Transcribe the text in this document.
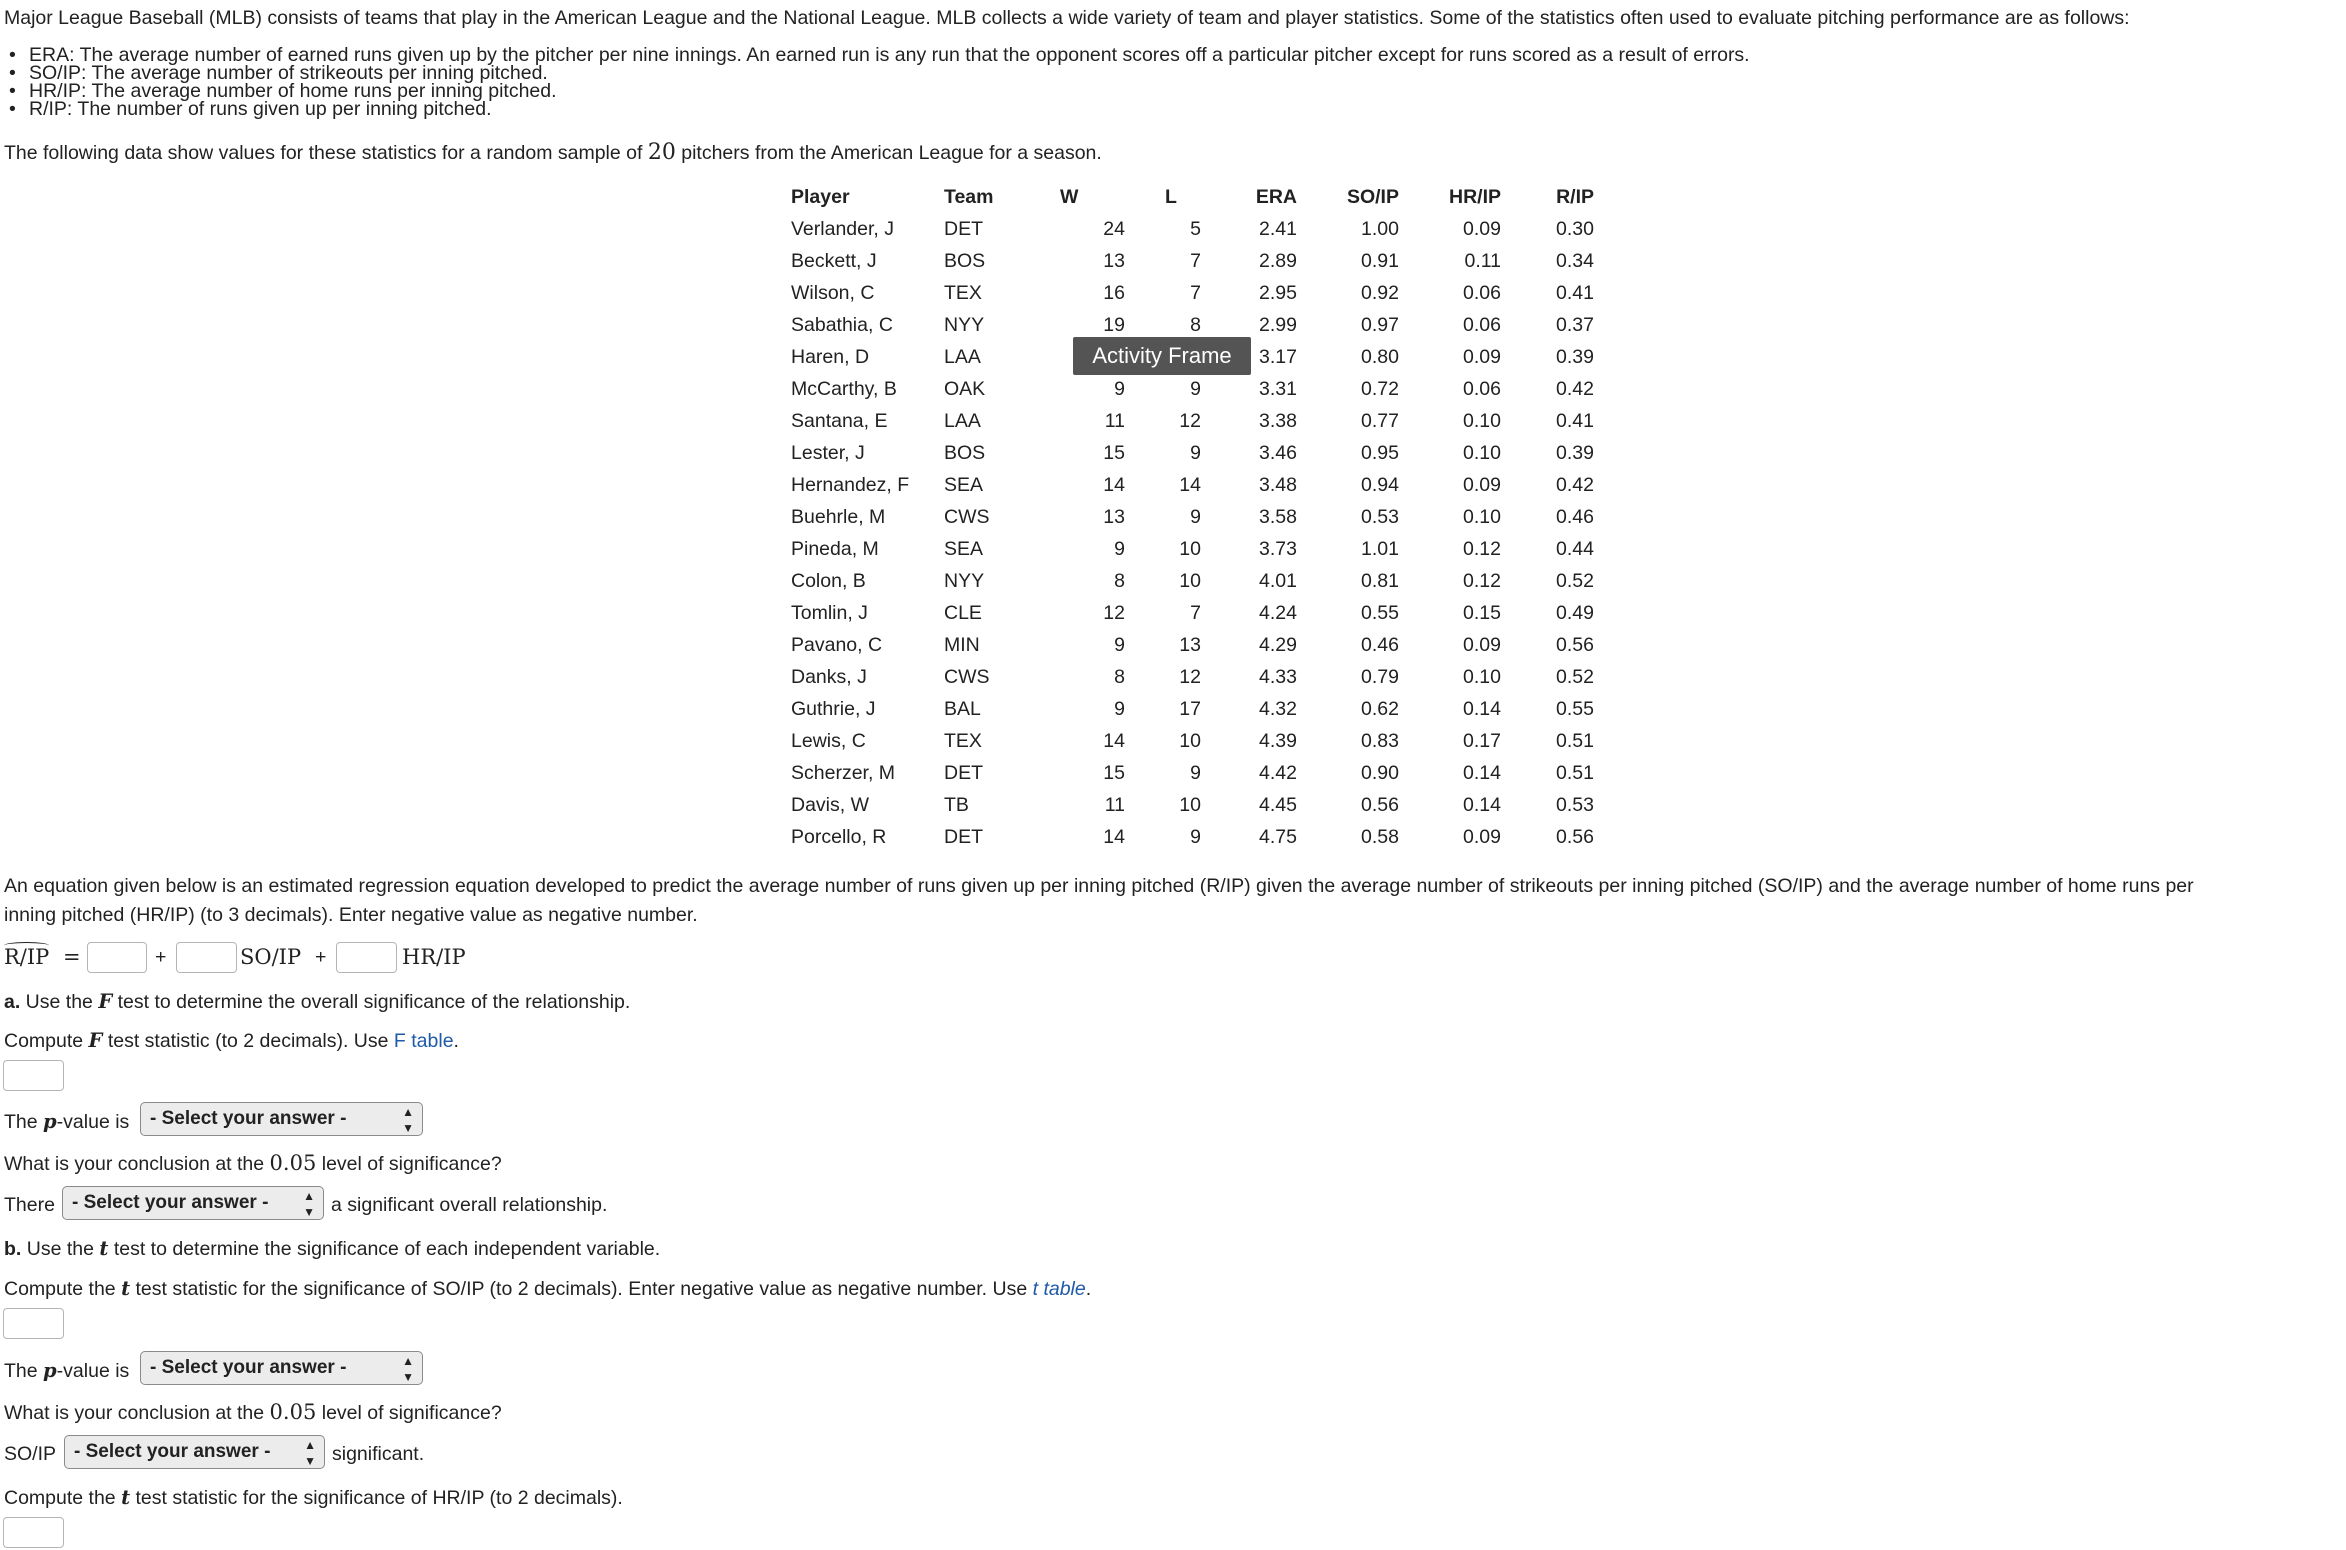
Major League Baseball (MLB) consists of teams that play in the American League and the National League. MLB collects a wide variety of team and player statistics. Some of the statistics often used to evaluate pitching performance are as follows:
• ERA: The average number of earned runs given up by the pitcher per nine innings. An earned run is any run that the opponent scores off a particular pitcher except for runs scored as a result of errors.
• SO/IP: The average number of strikeouts per inning pitched.
• HR/IP: The average number of home runs per inning pitched.
• R/IP: The number of runs given up per inning pitched.
The following data show values for these statistics for a random sample of 20 pitchers from the American League for a season.
Player	Team	W	L	ERA	SO/IP	HR/IP	R/IP
Verlander, J	DET	24	5	2.41	1.00	0.09	0.30
Beckett, J	BOS	13	7	2.89	0.91	0.11	0.34
Wilson, C	TEX	16	7	2.95	0.92	0.06	0.41
Sabathia, C	NYY	19	8	2.99	0.97	0.06	0.37
Haren, D	LAA			3.17	0.80	0.09	0.39
McCarthy, B	OAK	9	9	3.31	0.72	0.06	0.42
Santana, E	LAA	11	12	3.38	0.77	0.10	0.41
Lester, J	BOS	15	9	3.46	0.95	0.10	0.39
Hernandez, F	SEA	14	14	3.48	0.94	0.09	0.42
Buehrle, M	CWS	13	9	3.58	0.53	0.10	0.46
Pineda, M	SEA	9	10	3.73	1.01	0.12	0.44
Colon, B	NYY	8	10	4.01	0.81	0.12	0.52
Tomlin, J	CLE	12	7	4.24	0.55	0.15	0.49
Pavano, C	MIN	9	13	4.29	0.46	0.09	0.56
Danks, J	CWS	8	12	4.33	0.79	0.10	0.52
Guthrie, J	BAL	9	17	4.32	0.62	0.14	0.55
Lewis, C	TEX	14	10	4.39	0.83	0.17	0.51
Scherzer, M	DET	15	9	4.42	0.90	0.14	0.51
Davis, W	TB	11	10	4.45	0.56	0.14	0.53
Porcello, R	DET	14	9	4.75	0.58	0.09	0.56
Activity Frame
An equation given below is an estimated regression equation developed to predict the average number of runs given up per inning pitched (R/IP) given the average number of strikeouts per inning pitched (SO/IP) and the average number of home runs per
inning pitched (HR/IP) (to 3 decimals). Enter negative value as negative number.
R/IP =	+	SO/IP +	HR/IP
a. Use the F test to determine the overall significance of the relationship.
Compute F test statistic (to 2 decimals). Use F table.
The p-value is	- Select your answer -	▲
▼
What is your conclusion at the 0.05 level of significance?
There - Select your answer -	▲
▼ a significant overall relationship.
b. Use the t test to determine the significance of each independent variable.
Compute the t test statistic for the significance of SO/IP (to 2 decimals). Enter negative value as negative number. Use t table.
The p-value is	- Select your answer -	▲
▼
What is your conclusion at the 0.05 level of significance?
SO/IP - Select your answer -	▲
▼ significant.
Compute the t test statistic for the significance of HR/IP (to 2 decimals).
